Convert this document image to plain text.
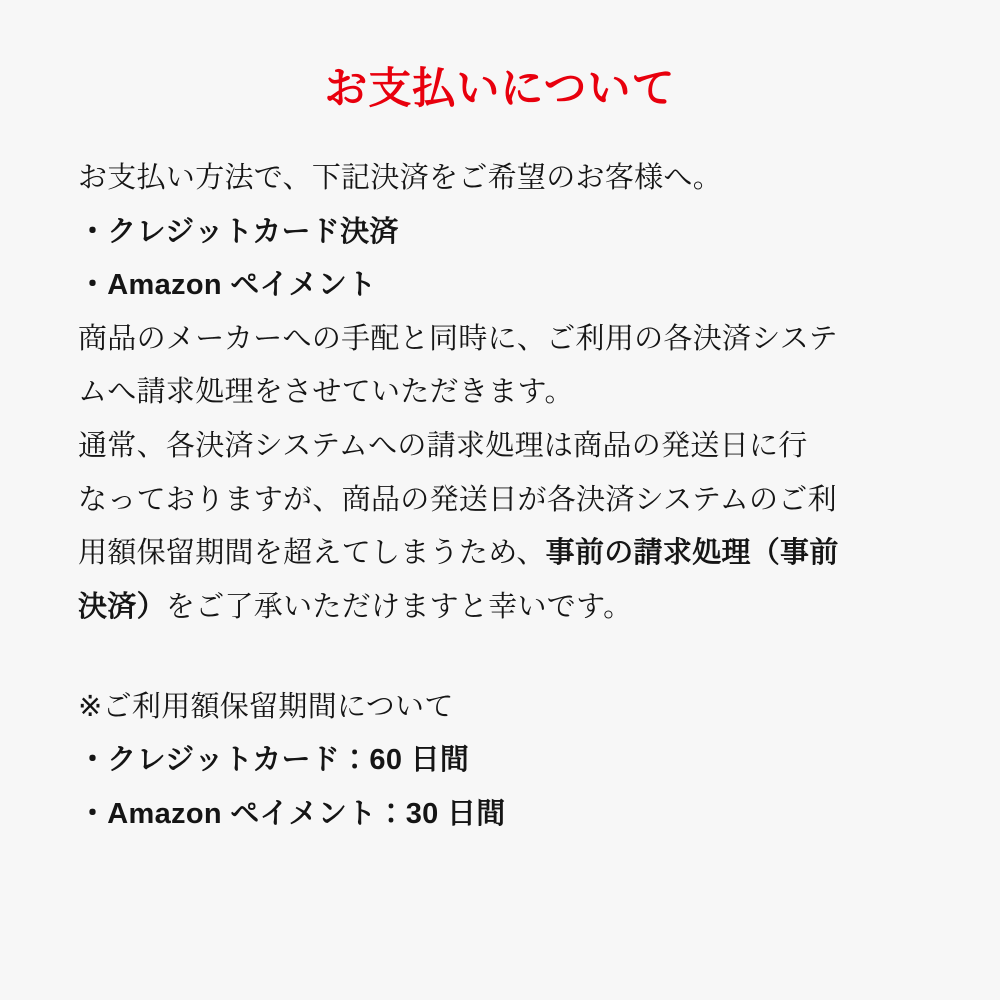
お支払いについて

お支払い方法で、下記決済をご希望のお客様へ。

・クレジットカード決済
・Amazon ペイメント

商品のメーカーへの手配と同時に、ご利用の各決済システ
ムへ請求処理をさせていただきます。

通常、各決済システムへの請求処理は商品の発送日に行
なっておりますが、商品の発送日が各決済システムのご利
用額保留期間を超えてしまうため、事前の請求処理（事前
決済）をご了承いただけますと幸いです。

※ご利用額保留期間について
・クレジットカード：60 日間
・Amazon ペイメント：30 日間
